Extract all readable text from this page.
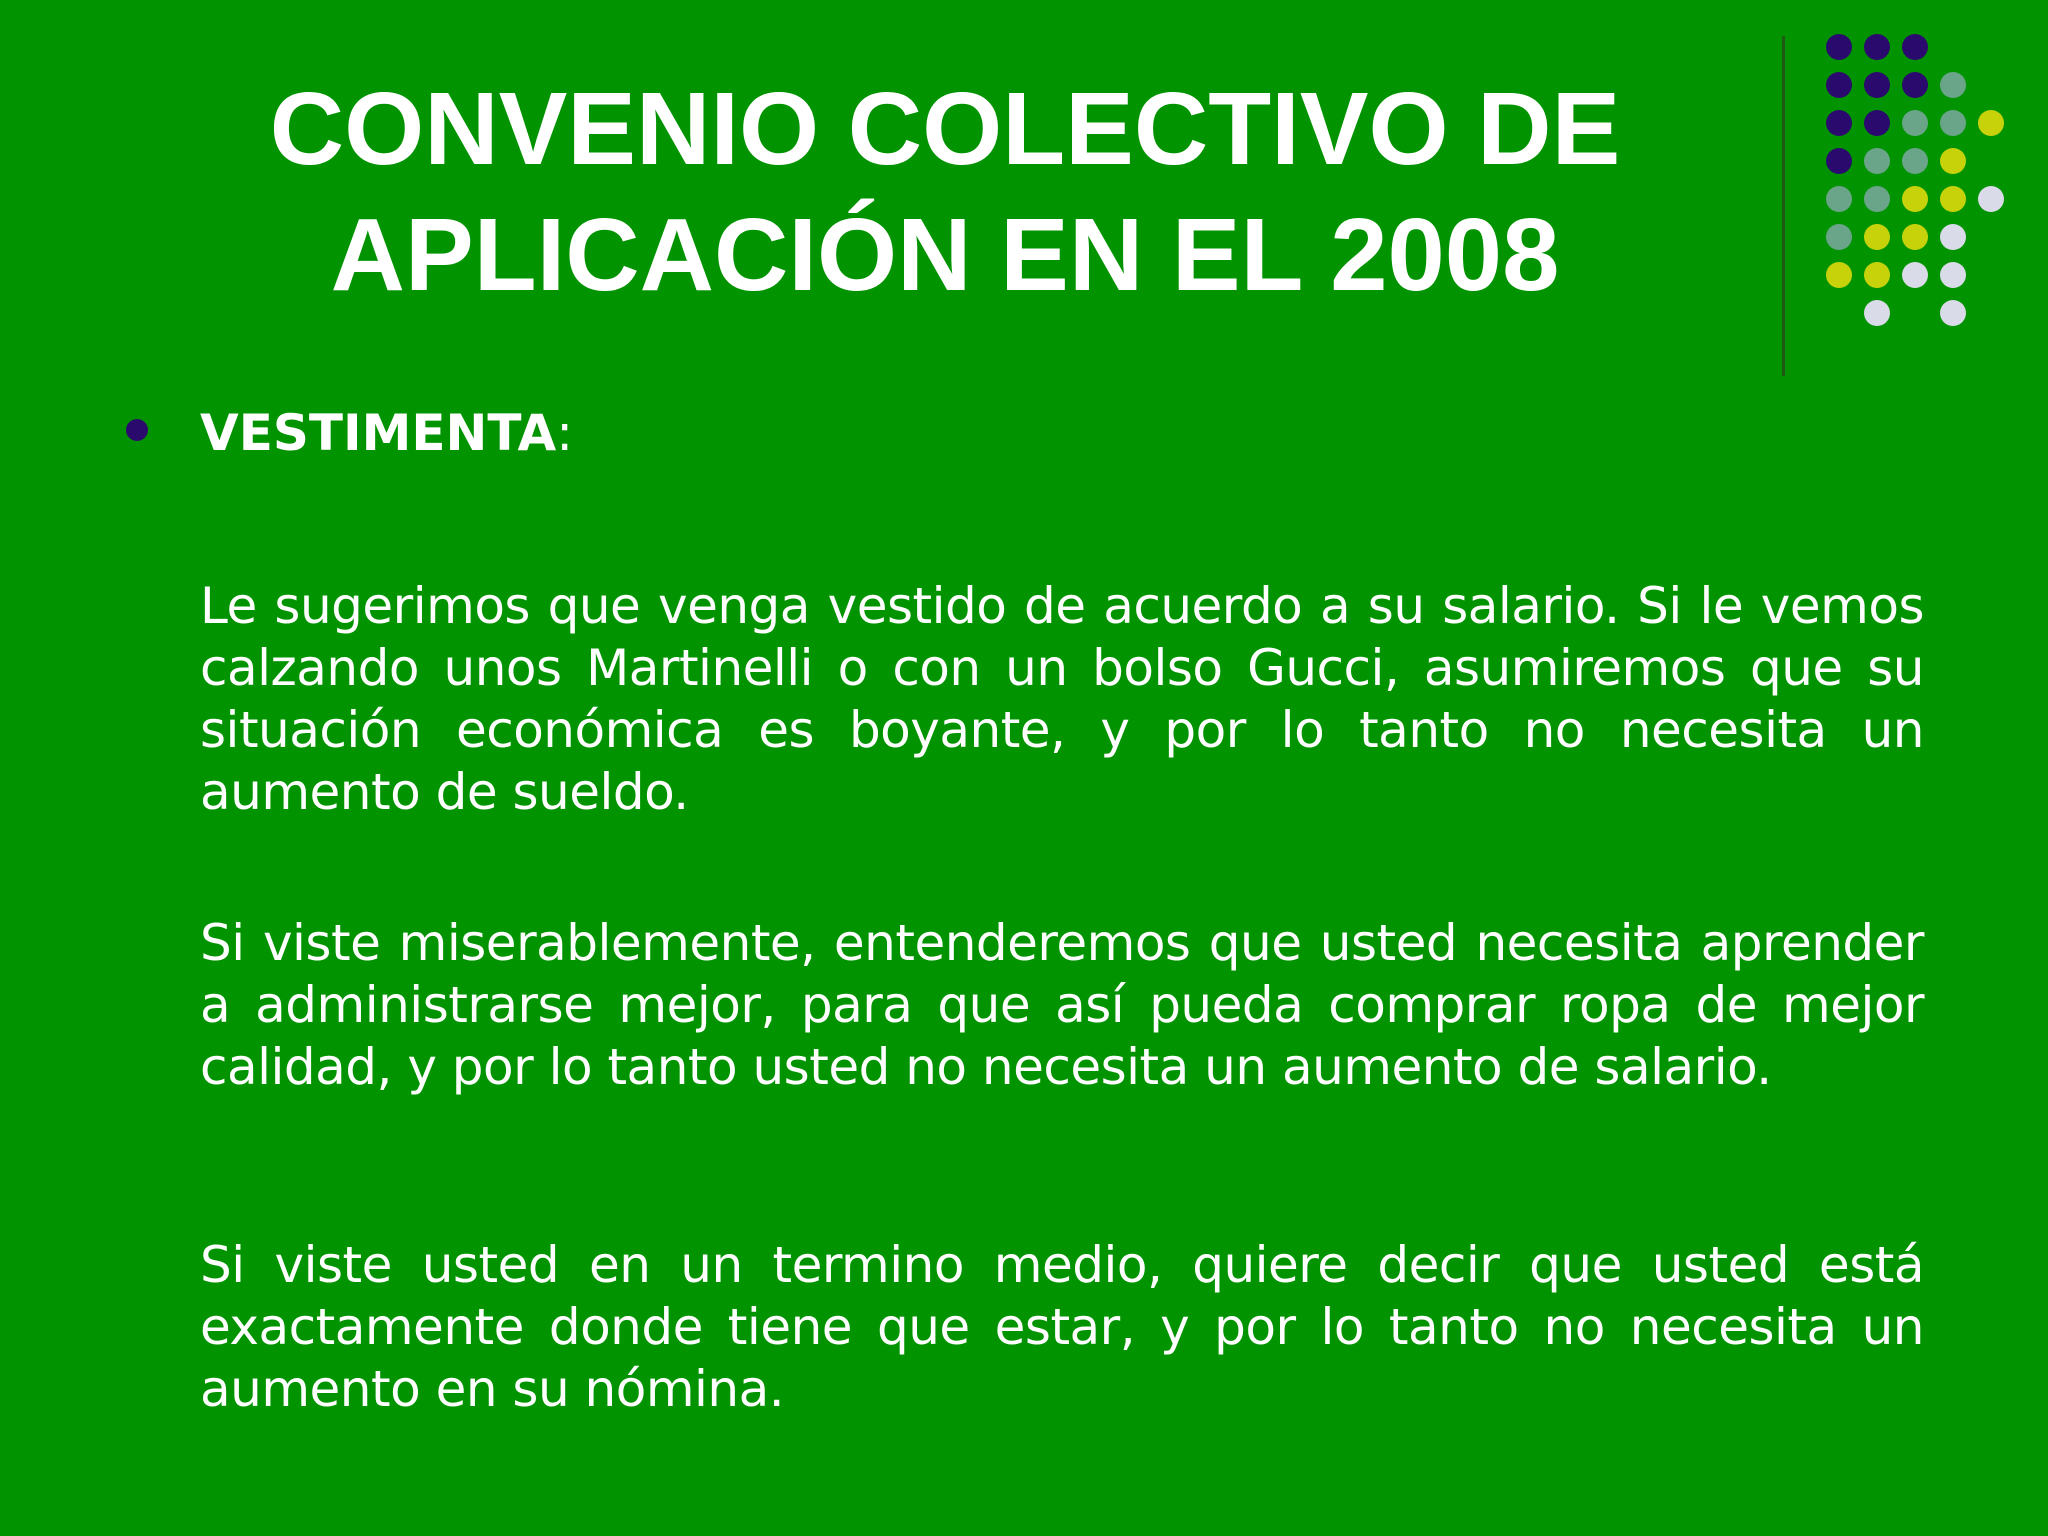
CONVENIO COLECTIVO DE
APLICACIÓN EN EL 2008
VESTIMENTA:

Le sugerimos que venga vestido de acuerdo a su salario. Si le vemos calzando unos Martinelli o con un bolso Gucci, asumiremos que su situación económica es boyante, y por lo tanto no necesita un aumento de sueldo.

Si viste miserablemente, entenderemos que usted necesita aprender a administrarse mejor, para que así pueda comprar ropa de mejor calidad, y por lo tanto usted no necesita un aumento de salario.

Si viste usted en un termino medio, quiere decir que usted está exactamente donde tiene que estar, y por lo tanto no necesita un aumento en su nómina.
